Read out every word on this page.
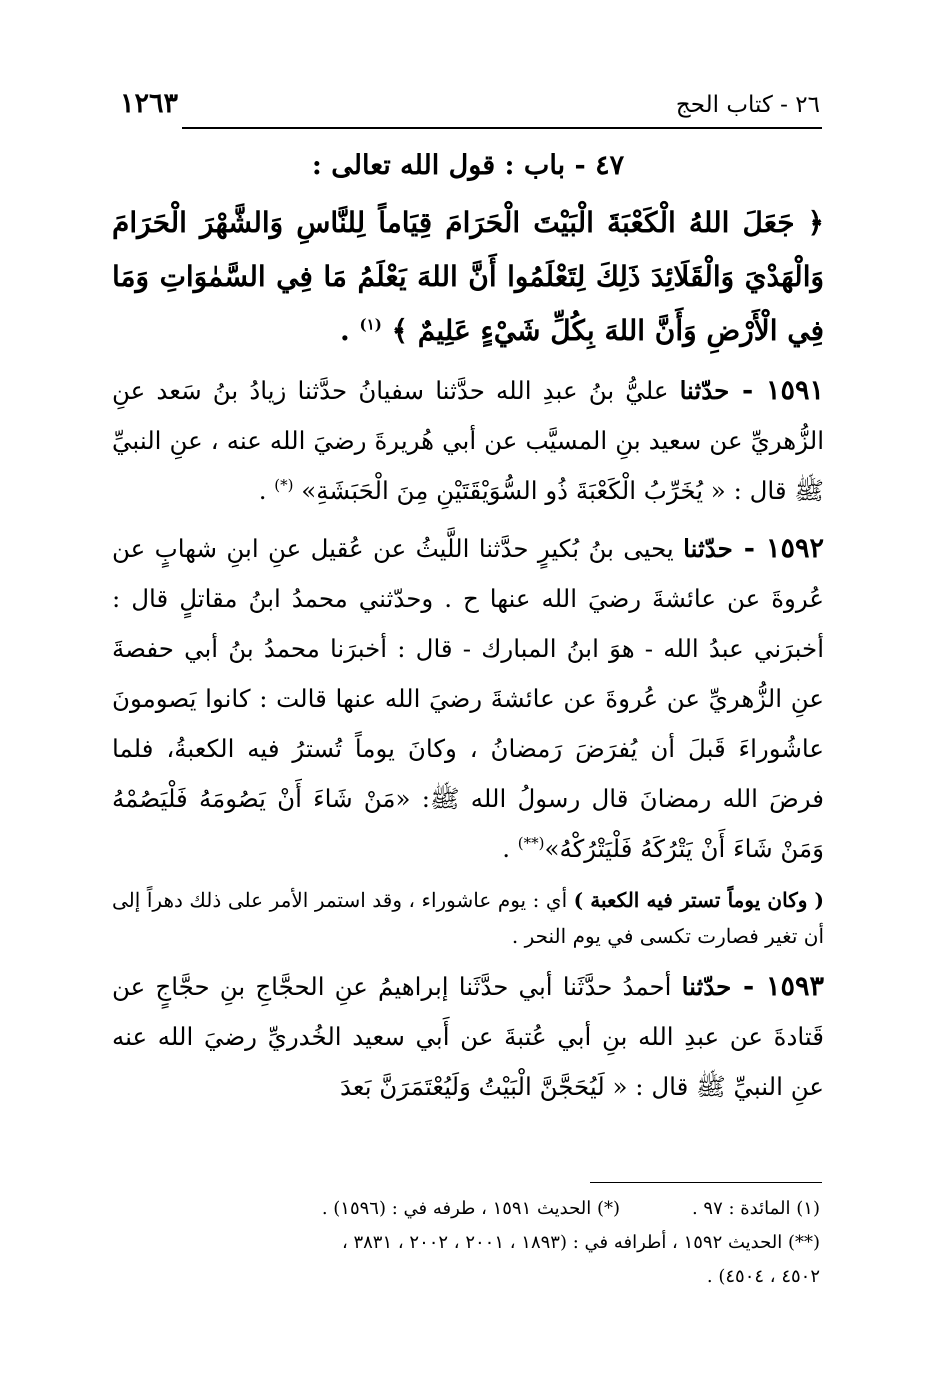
٢٦ - كتاب الحج
١٢٦٣
٤٧ - باب : قول الله تعالى :

﴿ جَعَلَ اللهُ الْكَعْبَةَ الْبَيْتَ الْحَرَامَ قِيَاماً لِلنَّاسِ وَالشَّهْرَ الْحَرَامَ وَالْهَدْيَ وَالْقَلَائِدَ ذَلِكَ لِتَعْلَمُوا أَنَّ اللهَ يَعْلَمُ مَا فِي السَّمٰوَاتِ وَمَا فِي الْأَرْضِ وَأَنَّ اللهَ بِكُلِّ شَيْءٍ عَلِيمٌ ﴾ $^{(١)}$ .

١٥٩١ - حدّثنا عليُّ بنُ عبدِ الله حدَّثنا سفيانُ حدَّثنا زيادُ بنُ سَعد عنِ الزُّهريِّ عن سعيد بنِ المسيَّب عن أبي هُريرةَ رضيَ الله عنه ، عنِ النبيِّ ﷺ قال : « يُخَرِّبُ الْكَعْبَةَ ذُو السُّوَيْقَتَيْنِ مِنَ الْحَبَشَةِ» (*) .

١٥٩٢ - حدّثنا يحيى بنُ بُكيرٍ حدَّثنا اللَّيثُ عن عُقيل عنِ ابنِ شهابٍ عن عُروةَ عن عائشةَ رضيَ الله عنها ح . وحدّثني محمدُ ابنُ مقاتلٍ قال : أخبرَني عبدُ الله - هوَ ابنُ المبارك - قال : أخبرَنا محمدُ بنُ أبي حفصةَ عنِ الزُّهريِّ عن عُروةَ عن عائشةَ رضيَ الله عنها قالت : كانوا يَصومونَ عاشُوراءَ قَبلَ أن يُفرَضَ رَمضانُ ، وكانَ يوماً تُسترُ فيه الكعبةُ، فلما فرضَ الله رمضانَ قال رسولُ الله ﷺ: «مَنْ شَاءَ أَنْ يَصُومَهُ فَلْيَصُمْهُ وَمَنْ شَاءَ أَنْ يَتْرُكَهُ فَلْيَتْرُكْهُ»(**) .

( وكان يوماً تستر فيه الكعبة ) أي : يوم عاشوراء ، وقد استمر الأمر على ذلك دهراً إلى أن تغير فصارت تكسى في يوم النحر .

١٥٩٣ - حدّثنا أحمدُ حدَّثَنا أبي حدَّثَنا إبراهيمُ عنِ الحجَّاجِ بنِ حجَّاجٍ عن قَتادةَ عن عبدِ الله بنِ أبي عُتبةَ عن أَبي سعيد الخُدريِّ رضيَ الله عنه عنِ النبيِّ ﷺ قال : « لَيُحَجَّنَّ الْبَيْتُ وَلَيُعْتَمَرَنَّ بَعدَ

(١) المائدة : ٩٧ .
(*) الحديث ١٥٩١ ، طرفه في : (١٥٩٦) .
(**) الحديث ١٥٩٢ ، أطرافه في : (١٨٩٣ ، ٢٠٠١ ، ٢٠٠٢ ، ٣٨٣١ ،
٤٥٠٢ ، ٤٥٠٤) .
